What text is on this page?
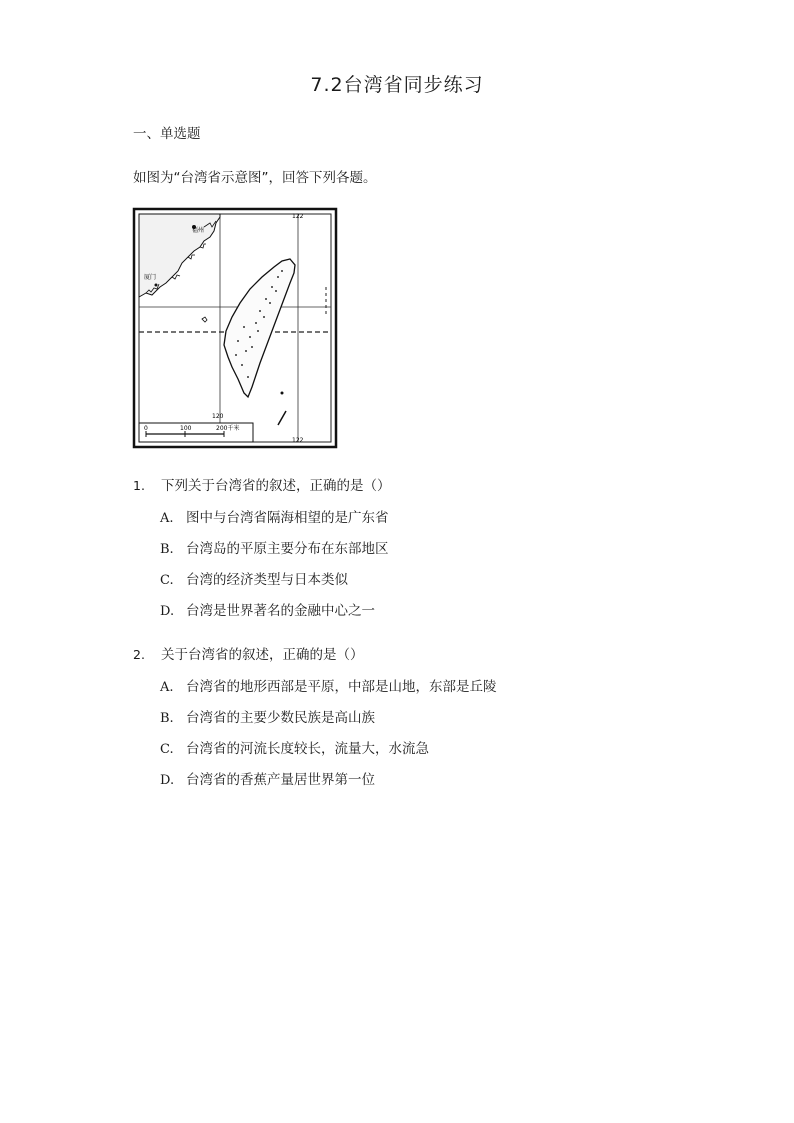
7.2台湾省同步练习
一、单选题
如图为“台湾省示意图”，回答下列各题。
120
122
122
福州
厦门
0	100	200千米
1. 下列关于台湾省的叙述，正确的是（）
A. 图中与台湾省隔海相望的是广东省
B. 台湾岛的平原主要分布在东部地区
C. 台湾的经济类型与日本类似
D. 台湾是世界著名的金融中心之一
2. 关于台湾省的叙述，正确的是（）
A. 台湾省的地形西部是平原，中部是山地，东部是丘陵
B. 台湾省的主要少数民族是高山族
C. 台湾省的河流长度较长，流量大，水流急
D. 台湾省的香蕉产量居世界第一位
